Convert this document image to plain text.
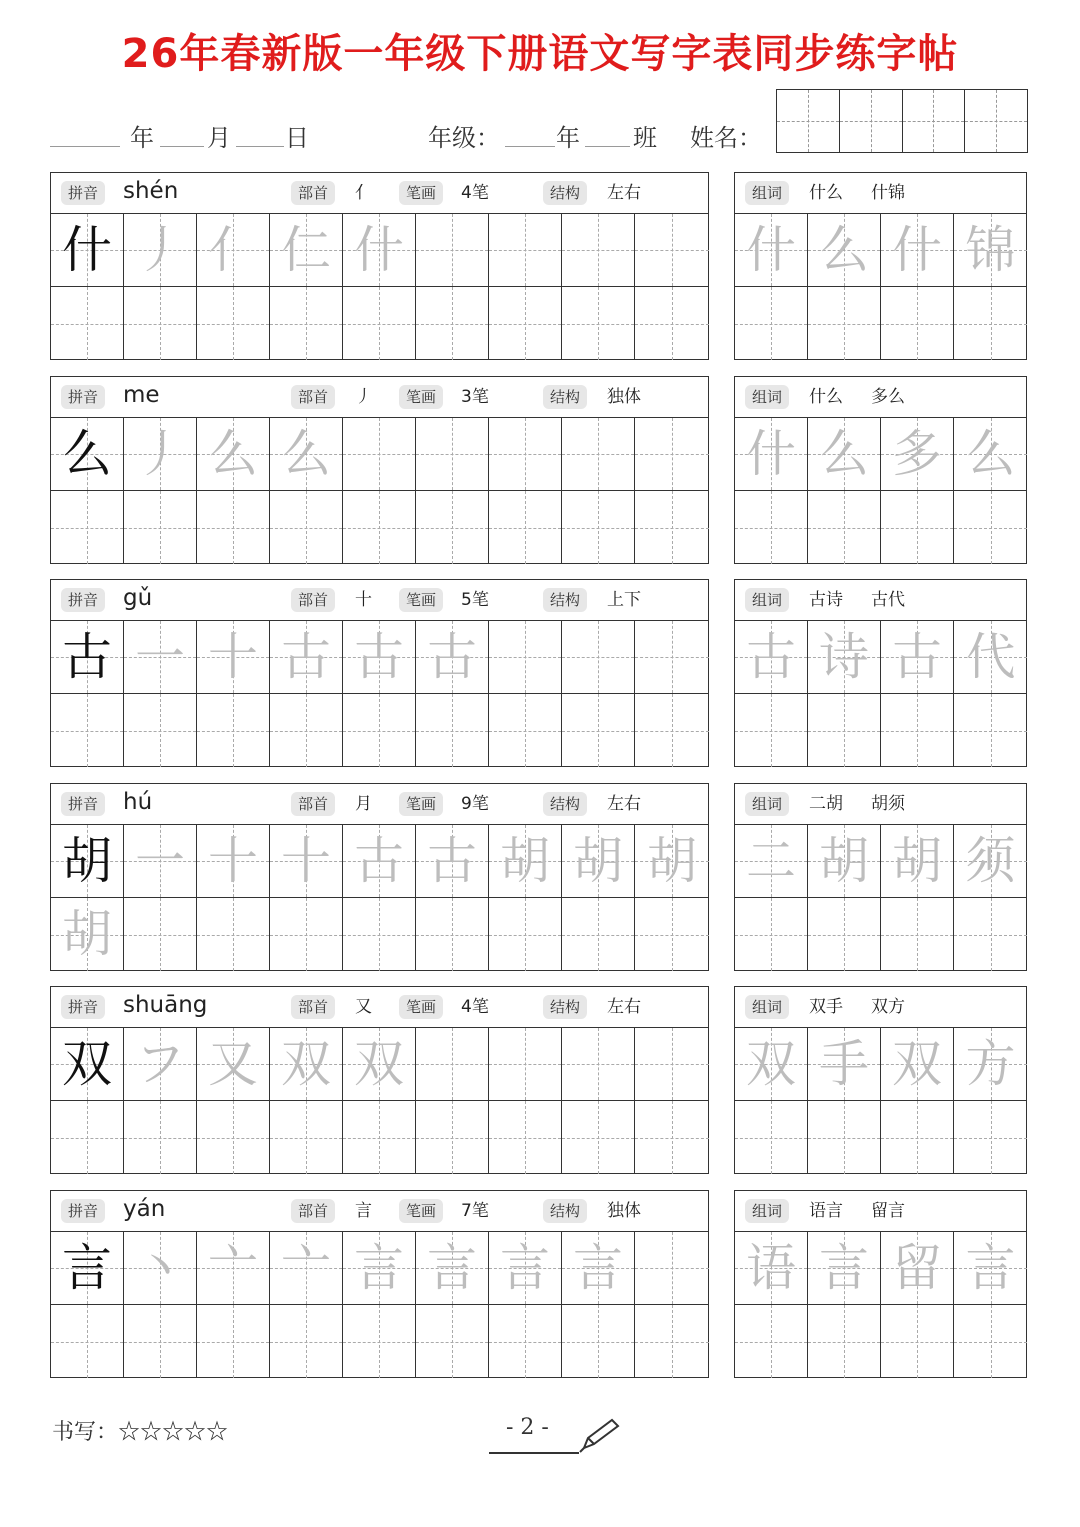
26年春新版一年级下册语文写字表同步练字帖
年 月 日	年级： 年 班 姓名：
拼音	shén	部首	亻	笔画	4笔	结构	左右
什 丿 亻 仁 什
组词	什么 什锦
什 么 什 锦
拼音	me	部首	丿	笔画	3笔	结构	独体
么 丿 么 么
组词	什么 多么
什 么 多 么
拼音	gǔ	部首	十	笔画	5笔	结构	上下
古 一 十 古 古 古
组词	古诗 古代
古 诗 古 代
拼音	hú	部首	月	笔画	9笔	结构	左右
胡 一 十 十 古 古 胡 胡 胡
胡
组词	二胡 胡须
二 胡 胡 须
拼音	shuāng	部首	又	笔画	4笔	结构	左右
双 フ 又 双 双
组词	双手 双方
双 手 双 方
拼音	yán	部首	言	笔画	7笔	结构	独体
言 丶 亠 亠 言 言 言 言
组词	语言 留言
语 言 留 言
书写：☆☆☆☆☆	- 2 -
